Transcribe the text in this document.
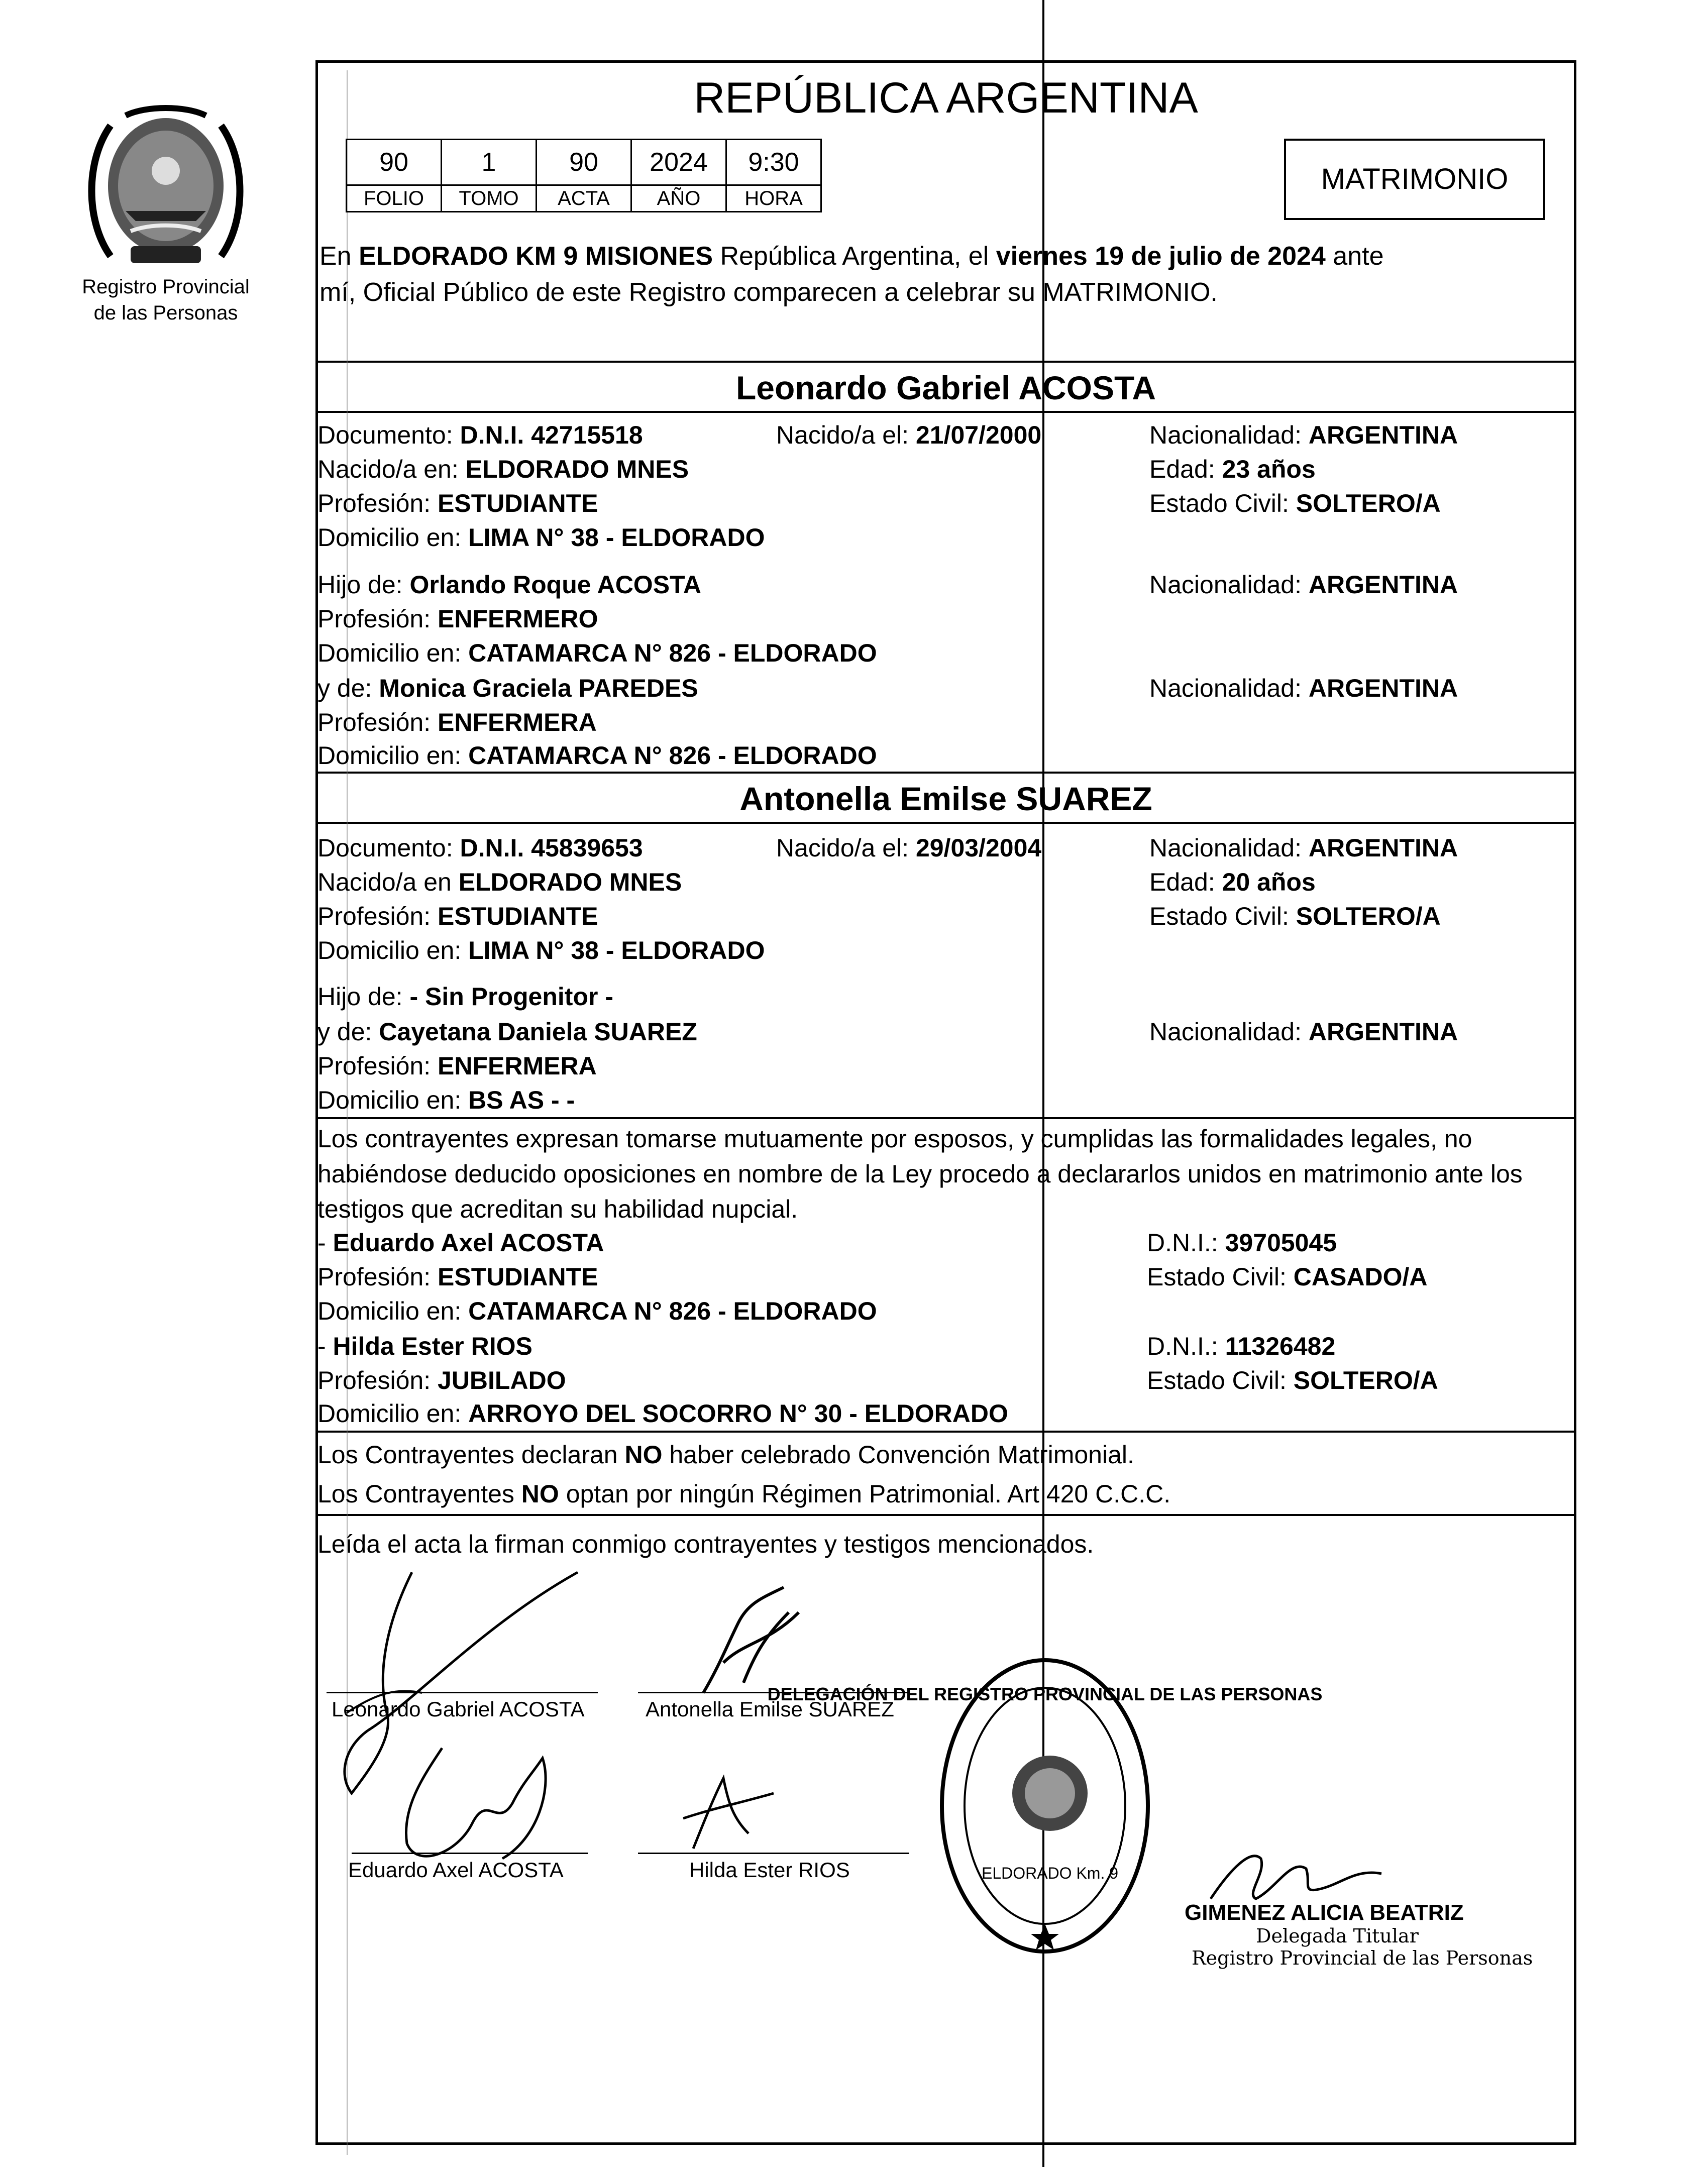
Registro Provincial
de las Personas
REPÚBLICA ARGENTINA
90	1	90	2024	9:30
FOLIO	TOMO	ACTA	AÑO	HORA
MATRIMONIO
En ELDORADO KM 9 MISIONES República Argentina, el viernes 19 de julio de 2024 ante
mí, Oficial Público de este Registro comparecen a celebrar su MATRIMONIO.
Leonardo Gabriel ACOSTA
Documento: D.N.I. 42715518	Nacido/a el: 21/07/2000	Nacionalidad: ARGENTINA
Nacido/a en: ELDORADO MNES	Edad: 23 años
Profesión: ESTUDIANTE	Estado Civil: SOLTERO/A
Domicilio en: LIMA N° 38 - ELDORADO
Hijo de: Orlando Roque ACOSTA	Nacionalidad: ARGENTINA
Profesión: ENFERMERO
Domicilio en: CATAMARCA N° 826 - ELDORADO
y de: Monica Graciela PAREDES	Nacionalidad: ARGENTINA
Profesión: ENFERMERA
Domicilio en: CATAMARCA N° 826 - ELDORADO
Antonella Emilse SUAREZ
Documento: D.N.I. 45839653	Nacido/a el: 29/03/2004	Nacionalidad: ARGENTINA
Nacido/a en ELDORADO MNES	Edad: 20 años
Profesión: ESTUDIANTE	Estado Civil: SOLTERO/A
Domicilio en: LIMA N° 38 - ELDORADO
Hijo de: - Sin Progenitor -
y de: Cayetana Daniela SUAREZ	Nacionalidad: ARGENTINA
Profesión: ENFERMERA
Domicilio en: BS AS - -
Los contrayentes expresan tomarse mutuamente por esposos, y cumplidas las formalidades legales, no habiéndose deducido oposiciones en nombre de la Ley procedo a declararlos unidos en matrimonio ante los testigos que acreditan su habilidad nupcial.
- Eduardo Axel ACOSTA	D.N.I.: 39705045
Profesión: ESTUDIANTE	Estado Civil: CASADO/A
Domicilio en: CATAMARCA N° 826 - ELDORADO
- Hilda Ester RIOS	D.N.I.: 11326482
Profesión: JUBILADO	Estado Civil: SOLTERO/A
Domicilio en: ARROYO DEL SOCORRO N° 30 - ELDORADO
Los Contrayentes declaran NO haber celebrado Convención Matrimonial.
Los Contrayentes NO optan por ningún Régimen Patrimonial. Art 420 C.C.C.
Leída el acta la firman conmigo contrayentes y testigos mencionados.
Leonardo Gabriel ACOSTA	Antonella Emilse SUAREZ
Eduardo Axel ACOSTA	Hilda Ester RIOS
DELEGACIÓN DEL REGISTRO PROVINCIAL DE LAS PERSONAS
ELDORADO Km. 9
GIMENEZ ALICIA BEATRIZ
Delegada Titular
Registro Provincial de las Personas
